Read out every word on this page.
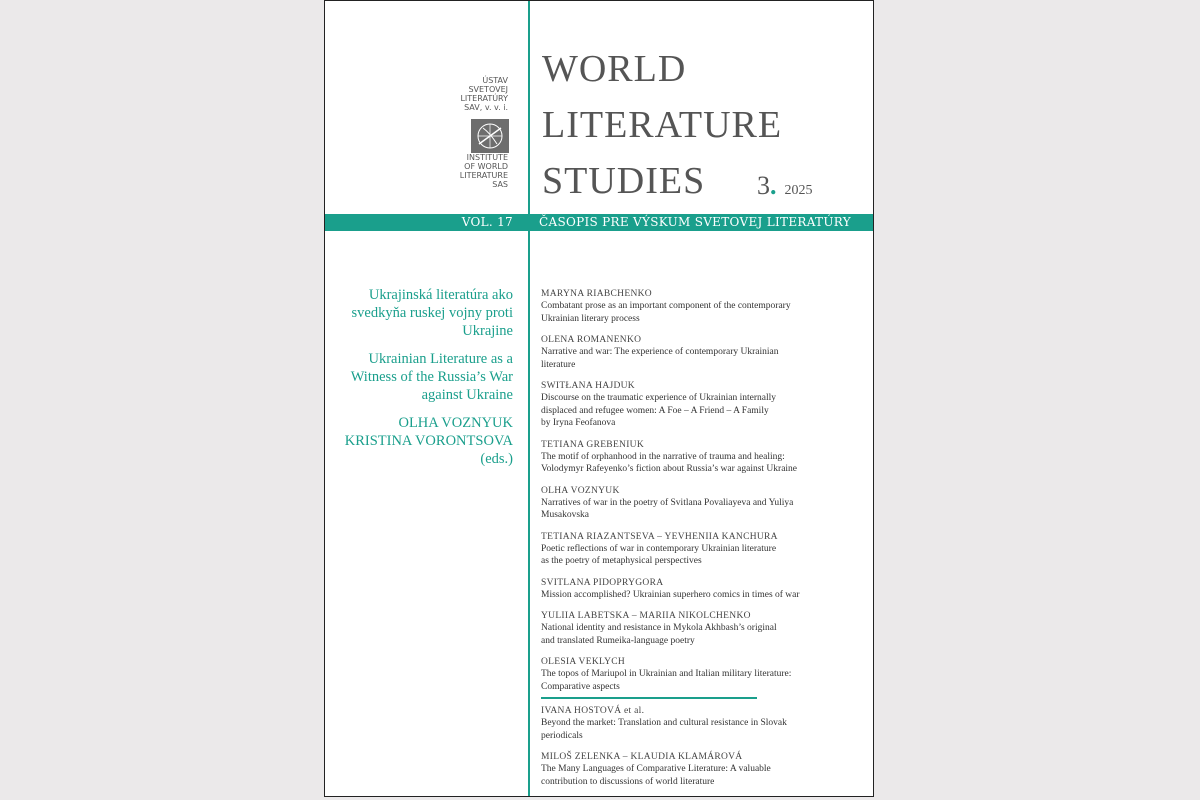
ÚSTAV
SVETOVEJ
LITERATÚRY
SAV, v. v. i.
INSTITUTE
OF WORLD
LITERATURE
SAS
WORLD
LITERATURE
STUDIES	3. 2025
VOL. 17 ČASOPIS PRE VÝSKUM SVETOVEJ LITERATÚRY

Ukrajinská literatúra ako svedkyňa ruskej vojny proti Ukrajine

Ukrainian Literature as a Witness of the Russia’s War against Ukraine

OLHA VOZNYUK
KRISTINA VORONTSOVA
(eds.)

MARYNA RIABCHENKO
Combatant prose as an important component of the contemporary
Ukrainian literary process
OLENA ROMANENKO
Narrative and war: The experience of contemporary Ukrainian
literature
SWITŁANA HAJDUK
Discourse on the traumatic experience of Ukrainian internally
displaced and refugee women: A Foe – A Friend – A Family
by Iryna Feofanova
TETIANA GREBENIUK
The motif of orphanhood in the narrative of trauma and healing:
Volodymyr Rafeyenko’s fiction about Russia’s war against Ukraine
OLHA VOZNYUK
Narratives of war in the poetry of Svitlana Povaliayeva and Yuliya
Musakovska
TETIANA RIAZANTSEVA – YEVHENIIA KANCHURA
Poetic reflections of war in contemporary Ukrainian literature
as the poetry of metaphysical perspectives
SVITLANA PIDOPRYGORA
Mission accomplished? Ukrainian superhero comics in times of war
YULIIA LABETSKA – MARIIA NIKOLCHENKO
National identity and resistance in Mykola Akhbash’s original
and translated Rumeika-language poetry
OLESIA VEKLYCH
The topos of Mariupol in Ukrainian and Italian military literature:
Comparative aspects
IVANA HOSTOVÁ et al.
Beyond the market: Translation and cultural resistance in Slovak
periodicals
MILOŠ ZELENKA – KLAUDIA KLAMÁROVÁ
The Many Languages of Comparative Literature: A valuable
contribution to discussions of world literature
